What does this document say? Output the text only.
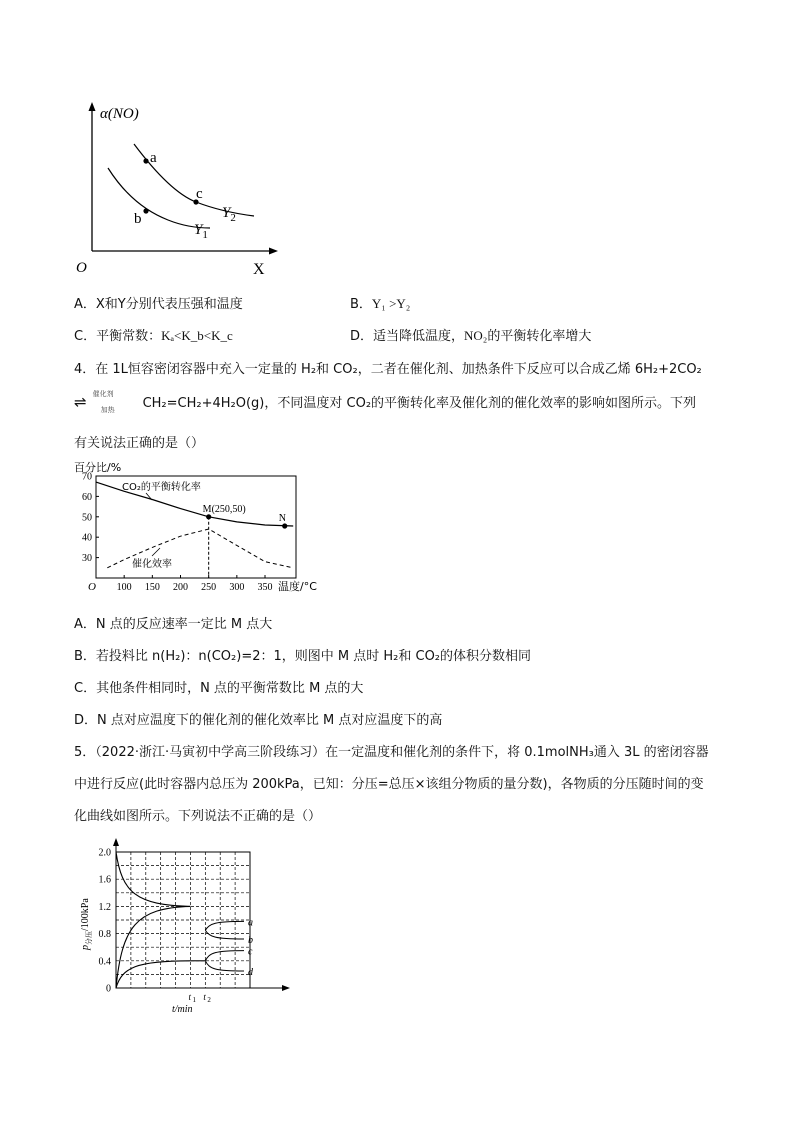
α(NO)
X
O
a
b
c
$Y_2$
$Y_1$
A．X和Y分别代表压强和温度	B．Y₁ >Y₂
C．平衡常数：Kₐ<K_b<K_c	D．适当降低温度，NO₂的平衡转化率增大
4．在 1L恒容密闭容器中充入一定量的 H₂和 CO₂，二者在催化剂、加热条件下反应可以合成乙烯 6H₂+2CO₂
⇌ 催化剂
加热 CH₂=CH₂+4H₂O(g)，不同温度对 CO₂的平衡转化率及催化剂的催化效率的影响如图所示。下列
有关说法正确的是（）
百分比/%
30
40
50
60
70
100 150 200 250 300 350
CO₂的平衡转化率
催化效率
M(250,50)
N
温度/°C
O
A．N 点的反应速率一定比 M 点大
B．若投料比 n(H₂)：n(CO₂)=2：1，则图中 M 点时 H₂和 CO₂的体积分数相同
C．其他条件相同时，N 点的平衡常数比 M 点的大
D．N 点对应温度下的催化剂的催化效率比 M 点对应温度下的高
5．（2022·浙江·马寅初中学高三阶段练习）在一定温度和催化剂的条件下，将 0.1molNH₃通入 3L 的密闭容器
中进行反应(此时容器内总压为 200kPa，已知：分压=总压×该组分物质的量分数)，各物质的分压随时间的变
化曲线如图所示。下列说法不正确的是（）
0
0.4
0.8
1.2
1.6
2.0
t 1 t 2
a
b
c
d
$p_{分压}/100kPa$
t/min
